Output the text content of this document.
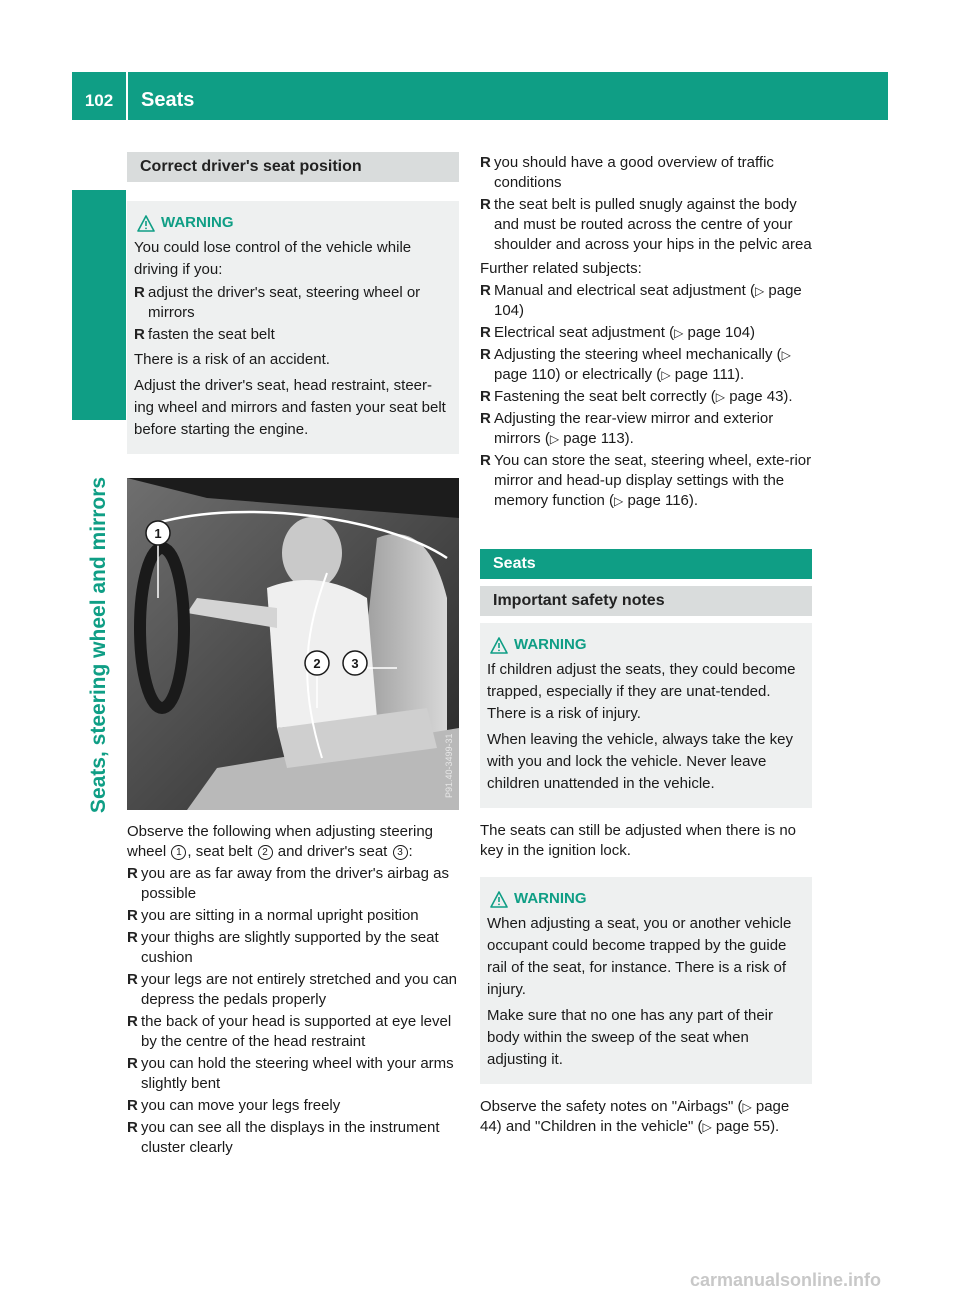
102	Seats
Seats, steering wheel and mirrors
Correct driver's seat position
WARNING

You could lose control of the vehicle while driving if you:

R adjust the driver's seat, steering wheel or mirrors
R fasten the seat belt

There is a risk of an accident.

Adjust the driver's seat, head restraint, steer-ing wheel and mirrors and fasten your seat belt before starting the engine.

1
2 3
P91.40-3499-31
Observe the following when adjusting steering wheel 1 , seat belt 2 and driver's seat 3 :
R you are as far away from the driver's airbag as possible
R you are sitting in a normal upright position
R your thighs are slightly supported by the seat cushion
R your legs are not entirely stretched and you can depress the pedals properly
R the back of your head is supported at eye level by the centre of the head restraint
R you can hold the steering wheel with your arms slightly bent
R you can move your legs freely
R you can see all the displays in the instrument cluster clearly
R you should have a good overview of traffic conditions
R the seat belt is pulled snugly against the body and must be routed across the centre of your shoulder and across your hips in the pelvic area
Further related subjects:
R Manual and electrical seat adjustment (▷ page 104)
R Electrical seat adjustment (▷ page 104)
R Adjusting the steering wheel mechanically (▷ page 110) or electrically (▷ page 111).
R Fastening the seat belt correctly (▷ page 43).
R Adjusting the rear-view mirror and exterior mirrors (▷ page 113).
R You can store the seat, steering wheel, exte-rior mirror and head-up display settings with the memory function (▷ page 116).
Seats
Important safety notes
WARNING

If children adjust the seats, they could become trapped, especially if they are unat-tended. There is a risk of injury.

When leaving the vehicle, always take the key with you and lock the vehicle. Never leave children unattended in the vehicle.

The seats can still be adjusted when there is no key in the ignition lock.
WARNING

When adjusting a seat, you or another vehicle occupant could become trapped by the guide rail of the seat, for instance. There is a risk of injury.

Make sure that no one has any part of their body within the sweep of the seat when adjusting it.

Observe the safety notes on "Airbags" (▷ page 44) and "Children in the vehicle" (▷ page 55).
carmanualsonline.info
